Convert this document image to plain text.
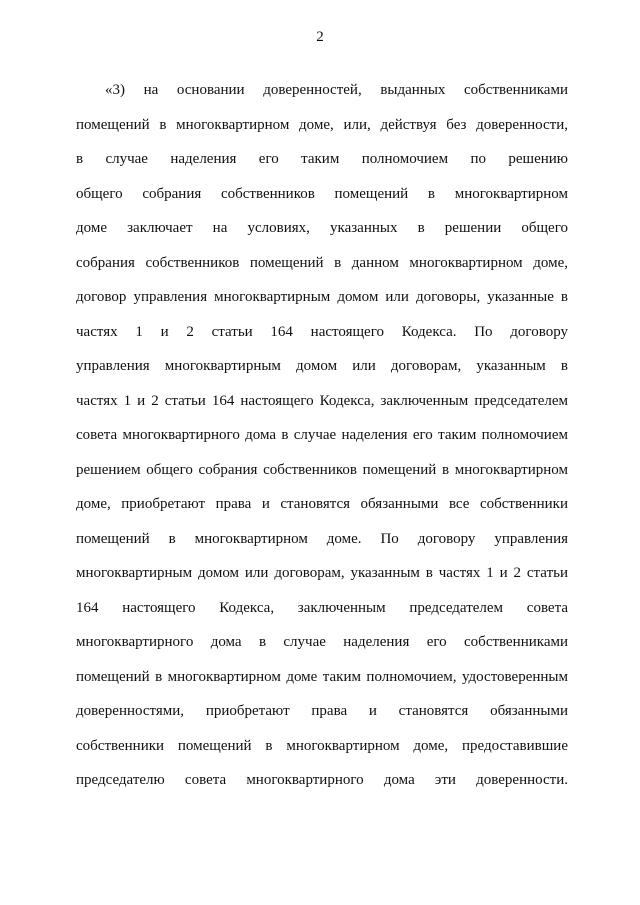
2
«3) на основании доверенностей, выданных собственниками
помещений в многоквартирном доме, или, действуя без доверенности,
в случае наделения его таким полномочием по решению
общего собрания собственников помещений в многоквартирном
доме заключает на условиях, указанных в решении общего
собрания собственников помещений в данном многоквартирном доме,
договор управления многоквартирным домом или договоры, указанные в
частях 1 и 2 статьи 164 настоящего Кодекса. По договору
управления многоквартирным домом или договорам, указанным в
частях 1 и 2 статьи 164 настоящего Кодекса, заключенным председателем
совета многоквартирного дома в случае наделения его таким полномочием
решением общего собрания собственников помещений в многоквартирном
доме, приобретают права и становятся обязанными все собственники
помещений в многоквартирном доме. По договору управления
многоквартирным домом или договорам, указанным в частях 1 и 2 статьи
164 настоящего Кодекса, заключенным председателем совета
многоквартирного дома в случае наделения его собственниками
помещений в многоквартирном доме таким полномочием, удостоверенным
доверенностями, приобретают права и становятся обязанными
собственники помещений в многоквартирном доме, предоставившие
председателю совета многоквартирного дома эти доверенности.
